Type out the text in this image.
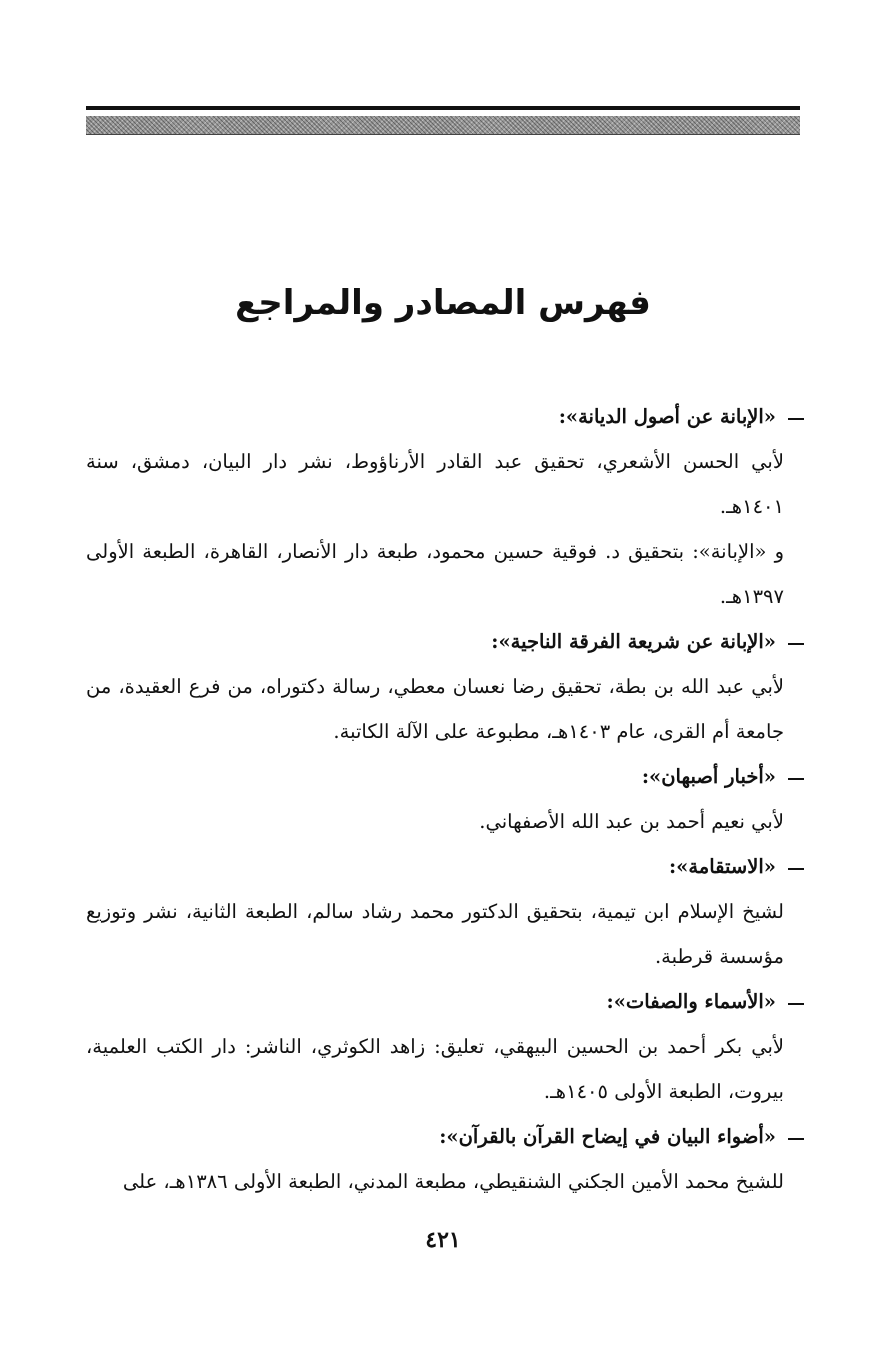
فهرس المصادر والمراجع
«الإبانة عن أصول الديانة»:
لأبي الحسن الأشعري، تحقيق عبد القادر الأرناؤوط، نشر دار البيان، دمشق، سنة ١٤٠١هـ.
و «الإبانة»: بتحقيق د. فوقية حسين محمود، طبعة دار الأنصار، القاهرة، الطبعة الأولى ١٣٩٧هـ.
«الإبانة عن شريعة الفرقة الناجية»:
لأبي عبد الله بن بطة، تحقيق رضا نعسان معطي، رسالة دكتوراه، من فرع العقيدة، من جامعة أم القرى، عام ١٤٠٣هـ، مطبوعة على الآلة الكاتبة.
«أخبار أصبهان»:
لأبي نعيم أحمد بن عبد الله الأصفهاني.
«الاستقامة»:
لشيخ الإسلام ابن تيمية، بتحقيق الدكتور محمد رشاد سالم، الطبعة الثانية، نشر وتوزيع مؤسسة قرطبة.
«الأسماء والصفات»:
لأبي بكر أحمد بن الحسين البيهقي، تعليق: زاهد الكوثري، الناشر: دار الكتب العلمية، بيروت، الطبعة الأولى ١٤٠٥هـ.
«أضواء البيان في إيضاح القرآن بالقرآن»:
للشيخ محمد الأمين الجكني الشنقيطي، مطبعة المدني، الطبعة الأولى ١٣٨٦هـ، على
٤٢١
